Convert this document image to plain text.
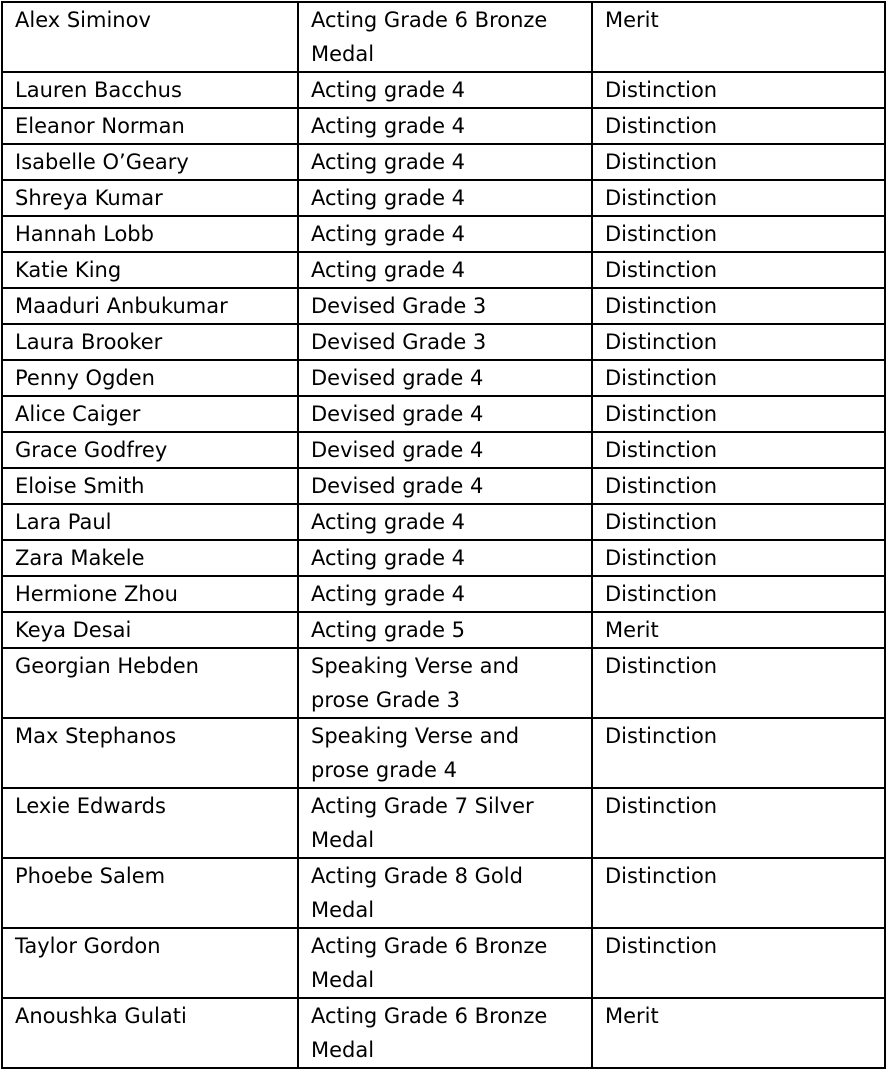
Alex Siminov	Acting Grade 6 Bronze Medal	Merit
Lauren Bacchus	Acting grade 4	Distinction
Eleanor Norman	Acting grade 4	Distinction
Isabelle O’Geary	Acting grade 4	Distinction
Shreya Kumar	Acting grade 4	Distinction
Hannah Lobb	Acting grade 4	Distinction
Katie King	Acting grade 4	Distinction
Maaduri Anbukumar	Devised Grade 3	Distinction
Laura Brooker	Devised Grade 3	Distinction
Penny Ogden	Devised grade 4	Distinction
Alice Caiger	Devised grade 4	Distinction
Grace Godfrey	Devised grade 4	Distinction
Eloise Smith	Devised grade 4	Distinction
Lara Paul	Acting grade 4	Distinction
Zara Makele	Acting grade 4	Distinction
Hermione Zhou	Acting grade 4	Distinction
Keya Desai	Acting grade 5	Merit
Georgian Hebden	Speaking Verse and prose Grade 3	Distinction
Max Stephanos	Speaking Verse and prose grade 4	Distinction
Lexie Edwards	Acting Grade 7 Silver Medal	Distinction
Phoebe Salem	Acting Grade 8 Gold Medal	Distinction
Taylor Gordon	Acting Grade 6 Bronze Medal	Distinction
Anoushka Gulati	Acting Grade 6 Bronze Medal	Merit
